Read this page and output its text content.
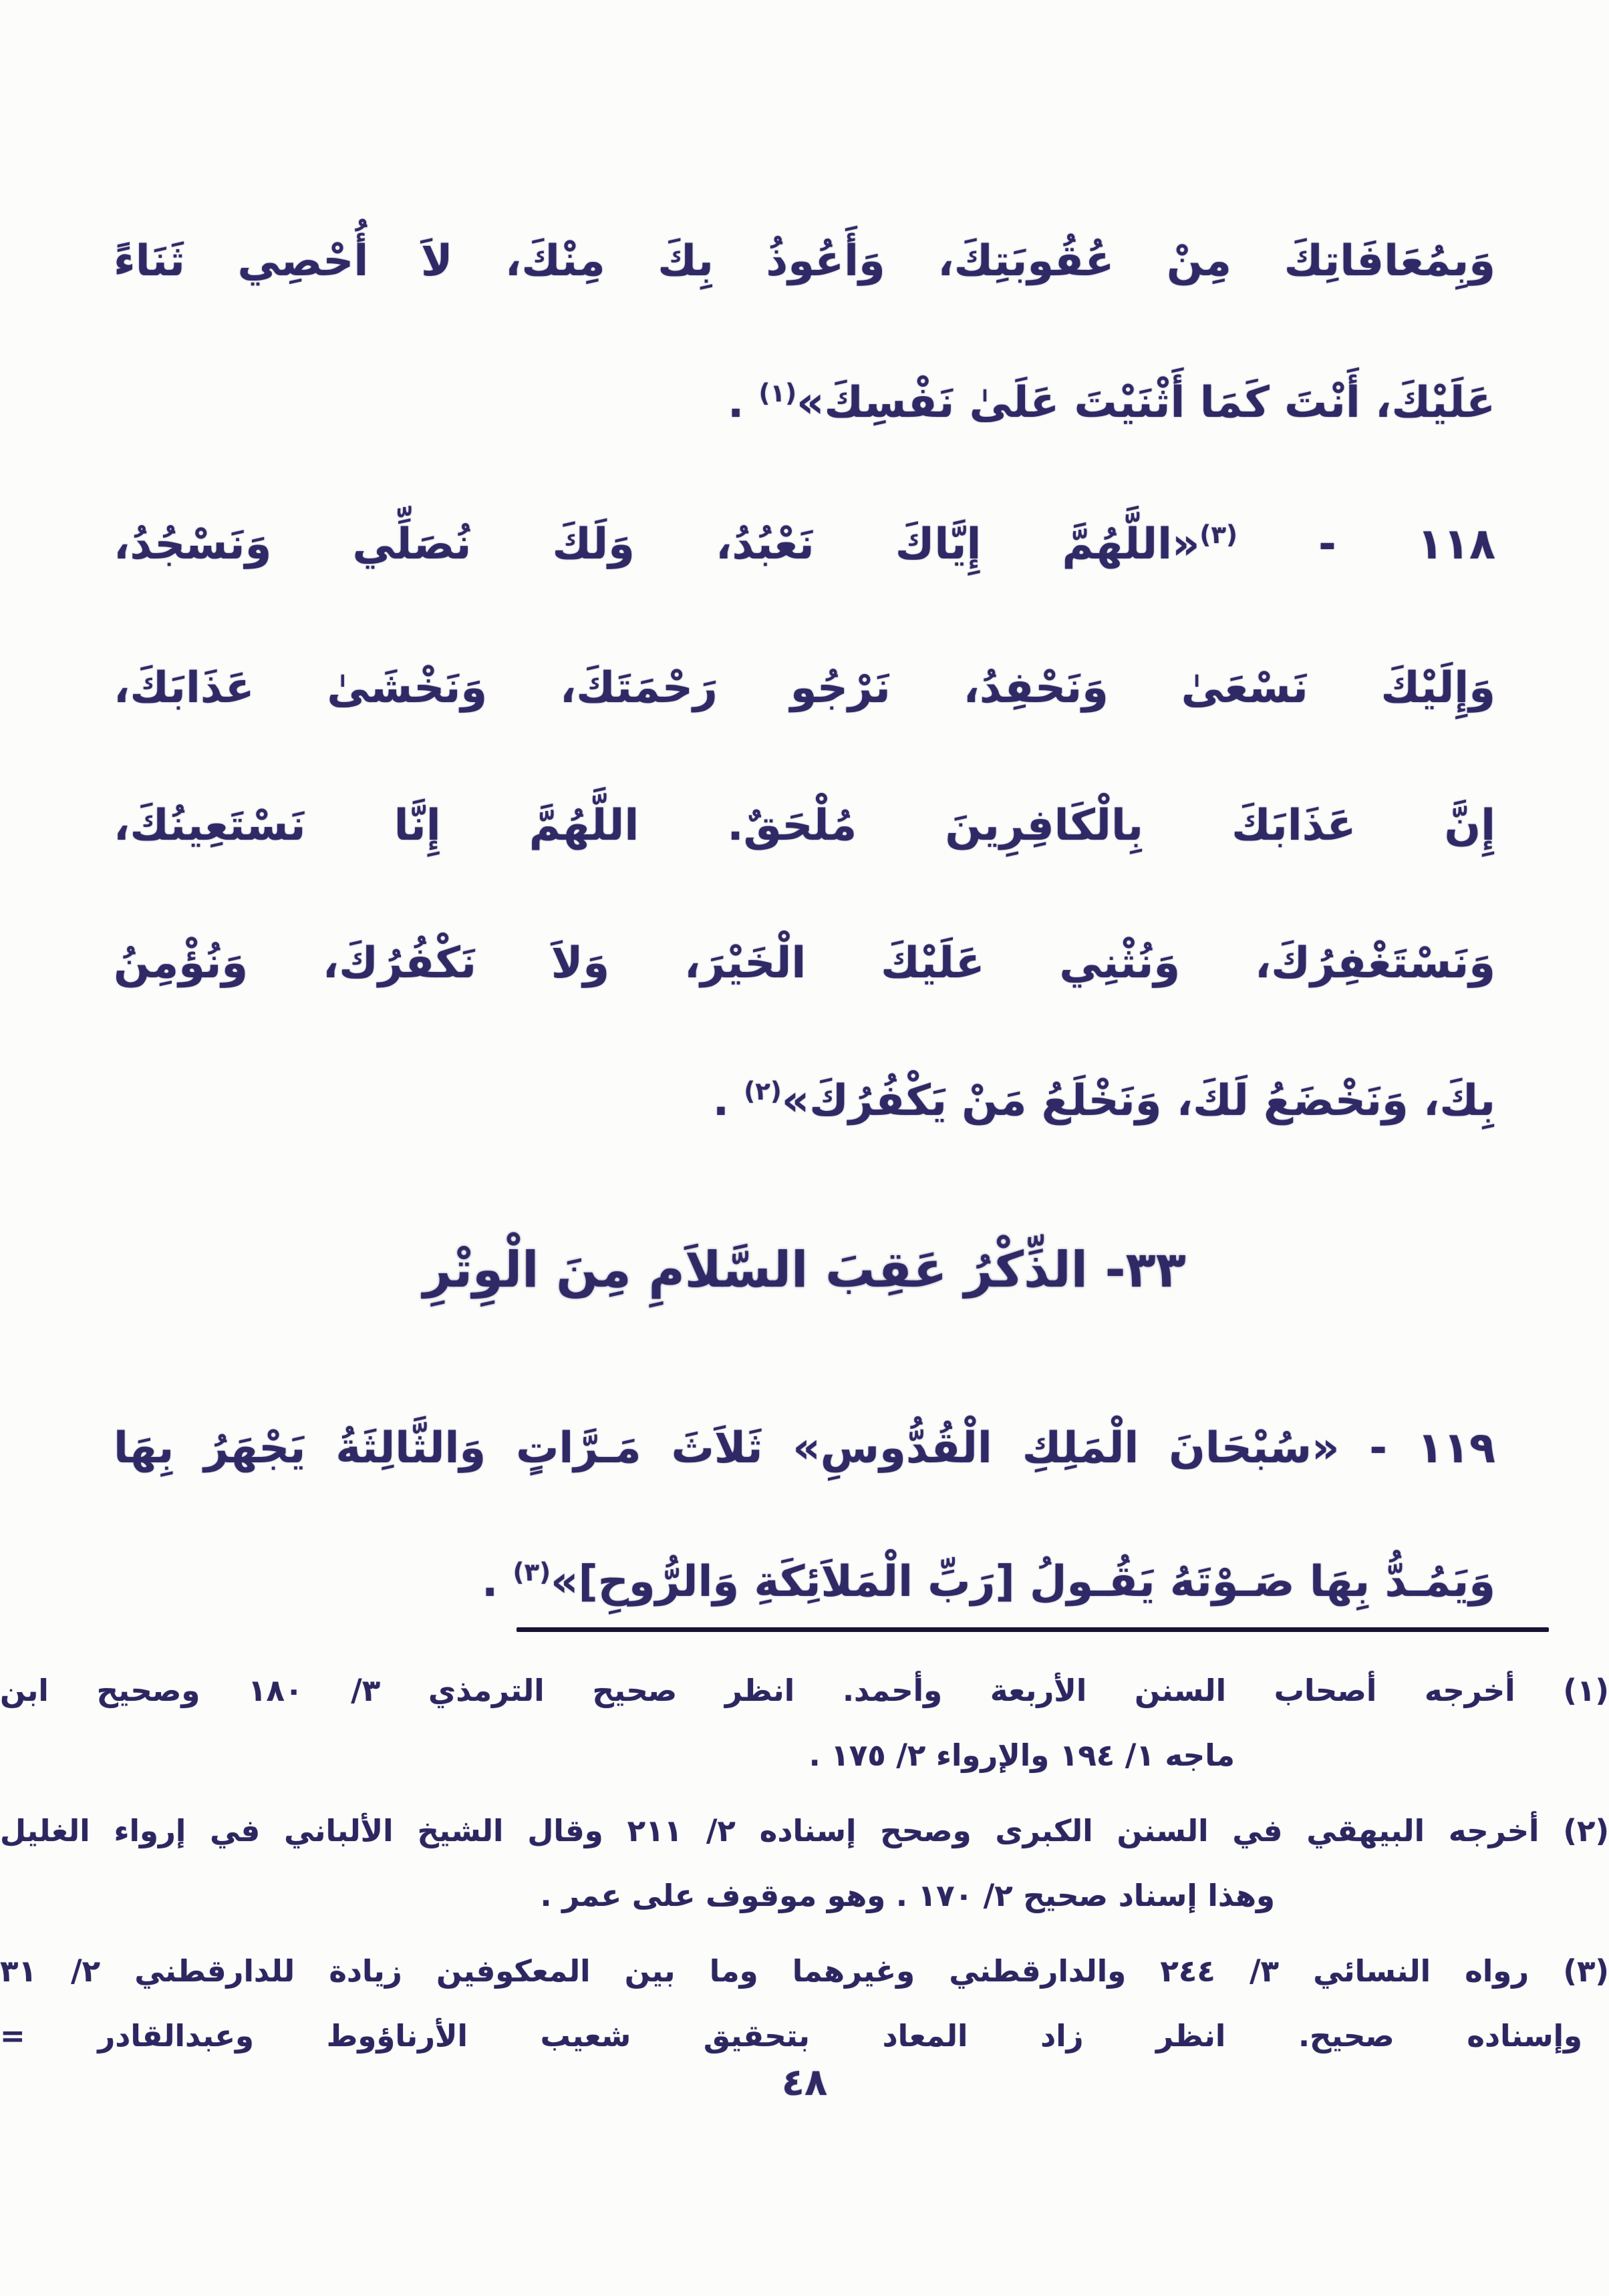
وَبِمُعَافَاتِكَ مِنْ عُقُوبَتِكَ، وَأَعُوذُ بِكَ مِنْكَ، لاَ أُحْصِي ثَنَاءً
عَلَيْكَ، أَنْتَ كَمَا أَثْنَيْتَ عَلَىٰ نَفْسِكَ»(١) .
١١٨ - (٣)«اللَّهُمَّ إِيَّاكَ نَعْبُدُ، وَلَكَ نُصَلِّي وَنَسْجُدُ،
وَإِلَيْكَ نَسْعَىٰ وَنَحْفِدُ، نَرْجُو رَحْمَتَكَ، وَنَخْشَىٰ عَذَابَكَ،
إِنَّ عَذَابَكَ بِالْكَافِرِينَ مُلْحَقٌ. اللَّهُمَّ إِنَّا نَسْتَعِينُكَ،
وَنَسْتَغْفِرُكَ، وَنُثْنِي عَلَيْكَ الْخَيْرَ، وَلاَ نَكْفُرُكَ، وَنُؤْمِنُ
بِكَ، وَنَخْضَعُ لَكَ، وَنَخْلَعُ مَنْ يَكْفُرُكَ»(٢) .
٣٣- الذِّكْرُ عَقِبَ السَّلاَمِ مِنَ الْوِتْرِ
١١٩ - «سُبْحَانَ الْمَلِكِ الْقُدُّوسِ» ثَلاَثَ مَـرَّاتٍ وَالثَّالِثَةُ يَجْهَرُ بِهَا
وَيَمُـدُّ بِهَا صَـوْتَهُ يَقُـولُ [رَبِّ الْمَلاَئِكَةِ وَالرُّوحِ]»(٣) .
(١) أخرجه أصحاب السنن الأربعة وأحمد. انظر صحيح الترمذي ٣/ ١٨٠ وصحيح ابن
ماجه ١/ ١٩٤ والإرواء ٢/ ١٧٥ .
(٢) أخرجه البيهقي في السنن الكبرى وصحح إسناده ٢/ ٢١١ وقال الشيخ الألباني في إرواء الغليل
وهذا إسناد صحيح ٢/ ١٧٠ . وهو موقوف على عمر .
(٣) رواه النسائي ٣/ ٢٤٤ والدارقطني وغيرهما وما بين المعكوفين زيادة للدارقطني ٢/ ٣١
وإسناده صحيح. انظر زاد المعاد بتحقيق شعيب الأرناؤوط وعبدالقادر =
٤٨
